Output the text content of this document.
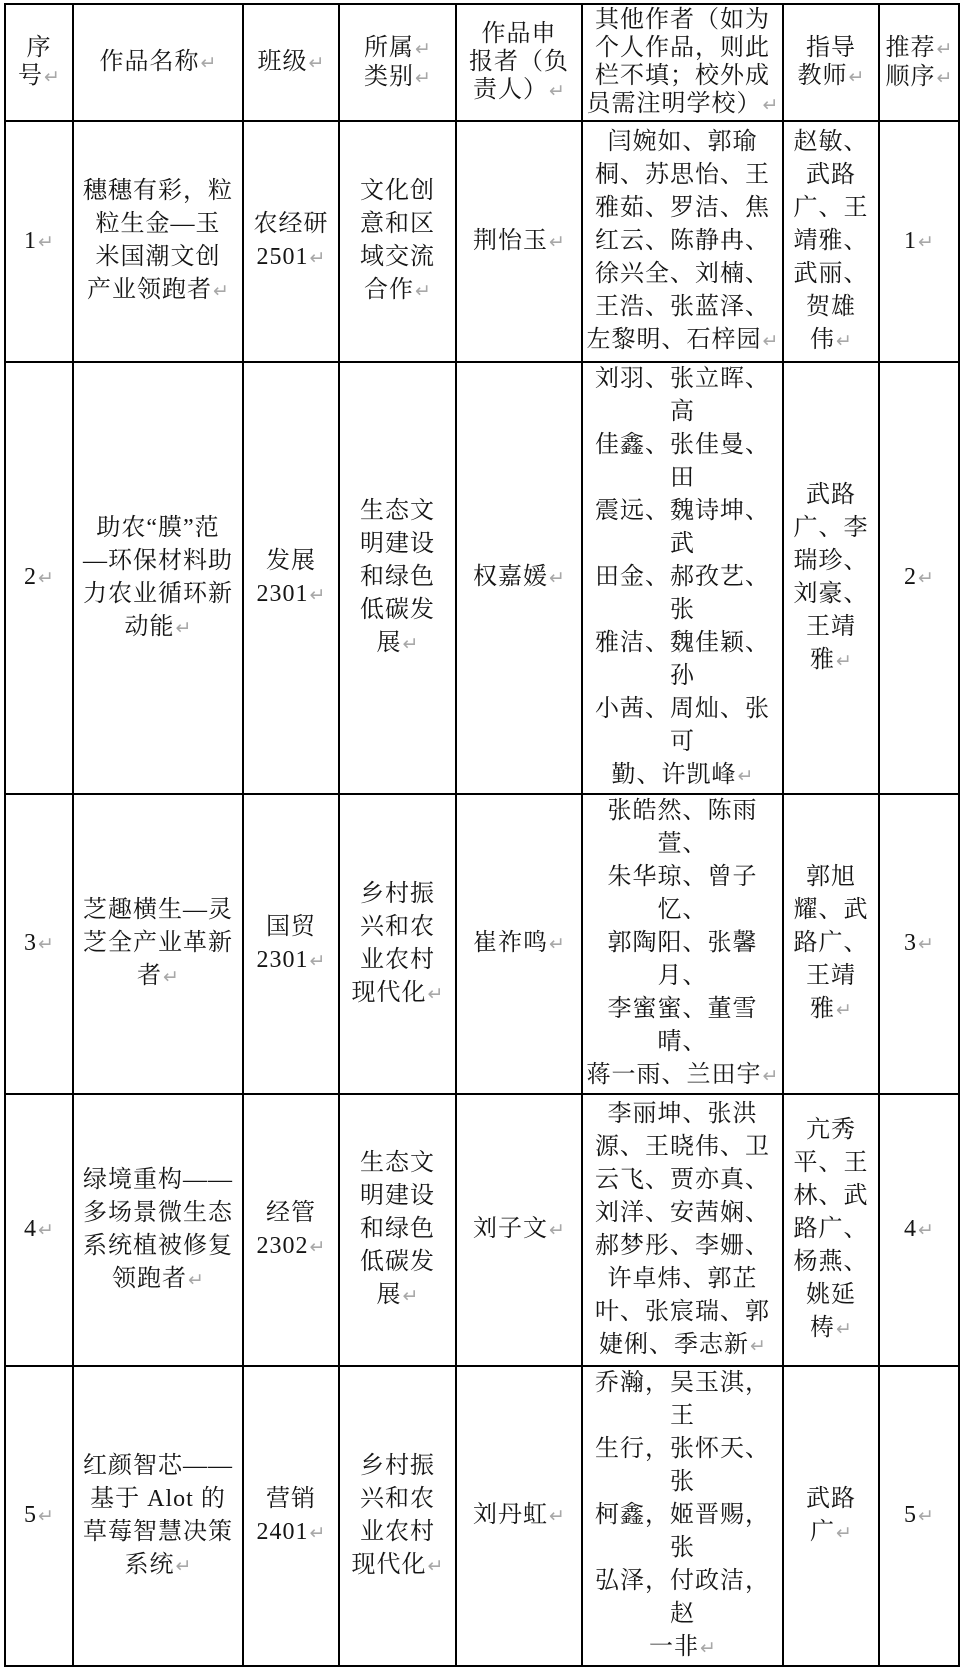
序
号↵	作品名称↵	班级↵	所属↵
类别↵	作品申
报者（负
责人）↵	其他作者（如为
个人作品，则此
栏不填；校外成
员需注明学校）↵	指导
教师↵	推荐↵
顺序↵
1↵	穗穗有彩，粒
粒生金—玉
米国潮文创
产业领跑者↵	农经研
2501↵	文化创
意和区
域交流
合作↵	荆怡玉↵	闫婉如、郭瑜
桐、苏思怡、王
雅茹、罗洁、焦
红云、陈静冉、
徐兴全、刘楠、
王浩、张蓝泽、
左黎明、石梓园↵	赵敏、
武路
广、王
靖雅、
武丽、
贺雄
伟↵	1↵
2↵	助农“膜”范
—环保材料助
力农业循环新
动能↵	发展
2301↵	生态文
明建设
和绿色
低碳发
展↵	权嘉媛↵	刘羽、张立晖、高
佳鑫、张佳曼、田
震远、魏诗坤、武
田金、郝孜艺、张
雅洁、魏佳颖、孙
小茜、周灿、张可
勤、许凯峰↵	武路
广、李
瑞珍、
刘豪、
王靖
雅↵	2↵
3↵	芝趣横生—灵
芝全产业革新
者↵	国贸
2301↵	乡村振
兴和农
业农村
现代化↵	崔祚鸣↵	张皓然、陈雨萱、
朱华琼、曾子忆、
郭陶阳、张馨月、
李蜜蜜、董雪晴、
蒋一雨、兰田宇↵	郭旭
耀、武
路广、
王靖
雅↵	3↵
4↵	绿境重构——
多场景微生态
系统植被修复
领跑者↵	经管
2302↵	生态文
明建设
和绿色
低碳发
展↵	刘子文↵	李丽坤、张洪
源、王晓伟、卫
云飞、贾亦真、
刘洋、安茜娴、
郝梦彤、李姗、
许卓炜、郭芷
叶、张宸瑞、郭
婕俐、季志新↵	亢秀
平、王
林、武
路广、
杨燕、
姚延
梼↵	4↵
5↵	红颜智芯——
基于 Alot 的
草莓智慧决策
系统↵	营销
2401↵	乡村振
兴和农
业农村
现代化↵	刘丹虹↵	乔瀚，吴玉淇，王
生行，张怀天、张
柯鑫，姬晋赐，张
弘泽，付政洁，赵
一非↵	武路
广↵	5↵
